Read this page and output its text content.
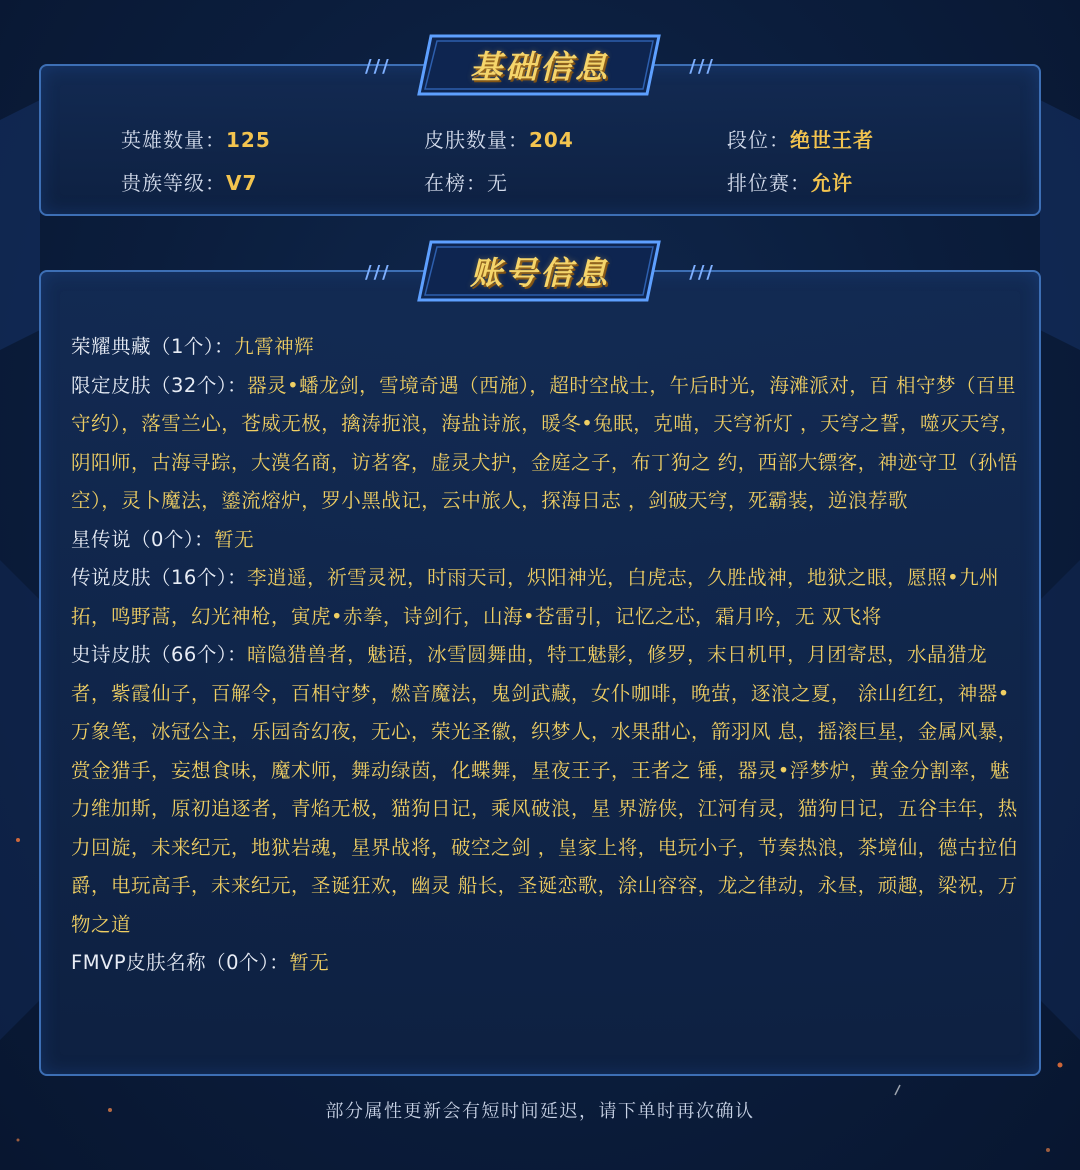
英雄数量：125	皮肤数量：204	段位：绝世王者
贵族等级：V7	在榜：无	排位赛：允许
///	基础信息	///
荣耀典藏（1个）：九霄神辉
限定皮肤（32个）：器灵•蟠龙剑，雪境奇遇（西施），超时空战士，午后时光，海滩派对，百 相守梦（百里守约），落雪兰心，苍威无极，擒涛扼浪，海盐诗旅，暖冬•兔眠，克喵，天穹祈灯 ，天穹之誓，噬灭天穹，阴阳师，古海寻踪，大漠名商，访茗客，虚灵犬护，金庭之子，布丁狗之 约，西部大镖客，神迹守卫（孙悟空），灵卜魔法，鎏流熔炉，罗小黑战记，云中旅人，探海日志 ，剑破天穹，死霸装，逆浪荐歌
星传说（0个）：暂无
传说皮肤（16个）：李逍遥，祈雪灵祝，时雨天司，炽阳神光，白虎志，久胜战神，地狱之眼，愿照•九州拓，鸣野蒿，幻光神枪，寅虎•赤拳，诗剑行，山海•苍雷引，记忆之芯，霜月吟，无 双飞将
史诗皮肤（66个）：暗隐猎兽者，魅语，冰雪圆舞曲，特工魅影，修罗，末日机甲，月团寄思，水晶猎龙者，紫霞仙子，百解令，百相守梦，燃音魔法，鬼剑武藏，女仆咖啡，晚萤，逐浪之夏， 涂山红红，神器•万象笔，冰冠公主，乐园奇幻夜，无心，荣光圣徽，织梦人，水果甜心，箭羽风 息，摇滚巨星，金属风暴，赏金猎手，妄想食味，魔术师，舞动绿茵，化蝶舞，星夜王子，王者之 锤，器灵•浮梦炉，黄金分割率，魅力维加斯，原初追逐者，青焰无极，猫狗日记，乘风破浪，星 界游侠，江河有灵，猫狗日记，五谷丰年，热力回旋，未来纪元，地狱岩魂，星界战将，破空之剑 ，皇家上将，电玩小子，节奏热浪，茶境仙，德古拉伯爵，电玩高手，未来纪元，圣诞狂欢，幽灵 船长，圣诞恋歌，涂山容容，龙之律动，永昼，顽趣，梁祝，万物之道
FMVP皮肤名称（0个）：暂无
///	账号信息	///
部分属性更新会有短时间延迟，请下单时再次确认
